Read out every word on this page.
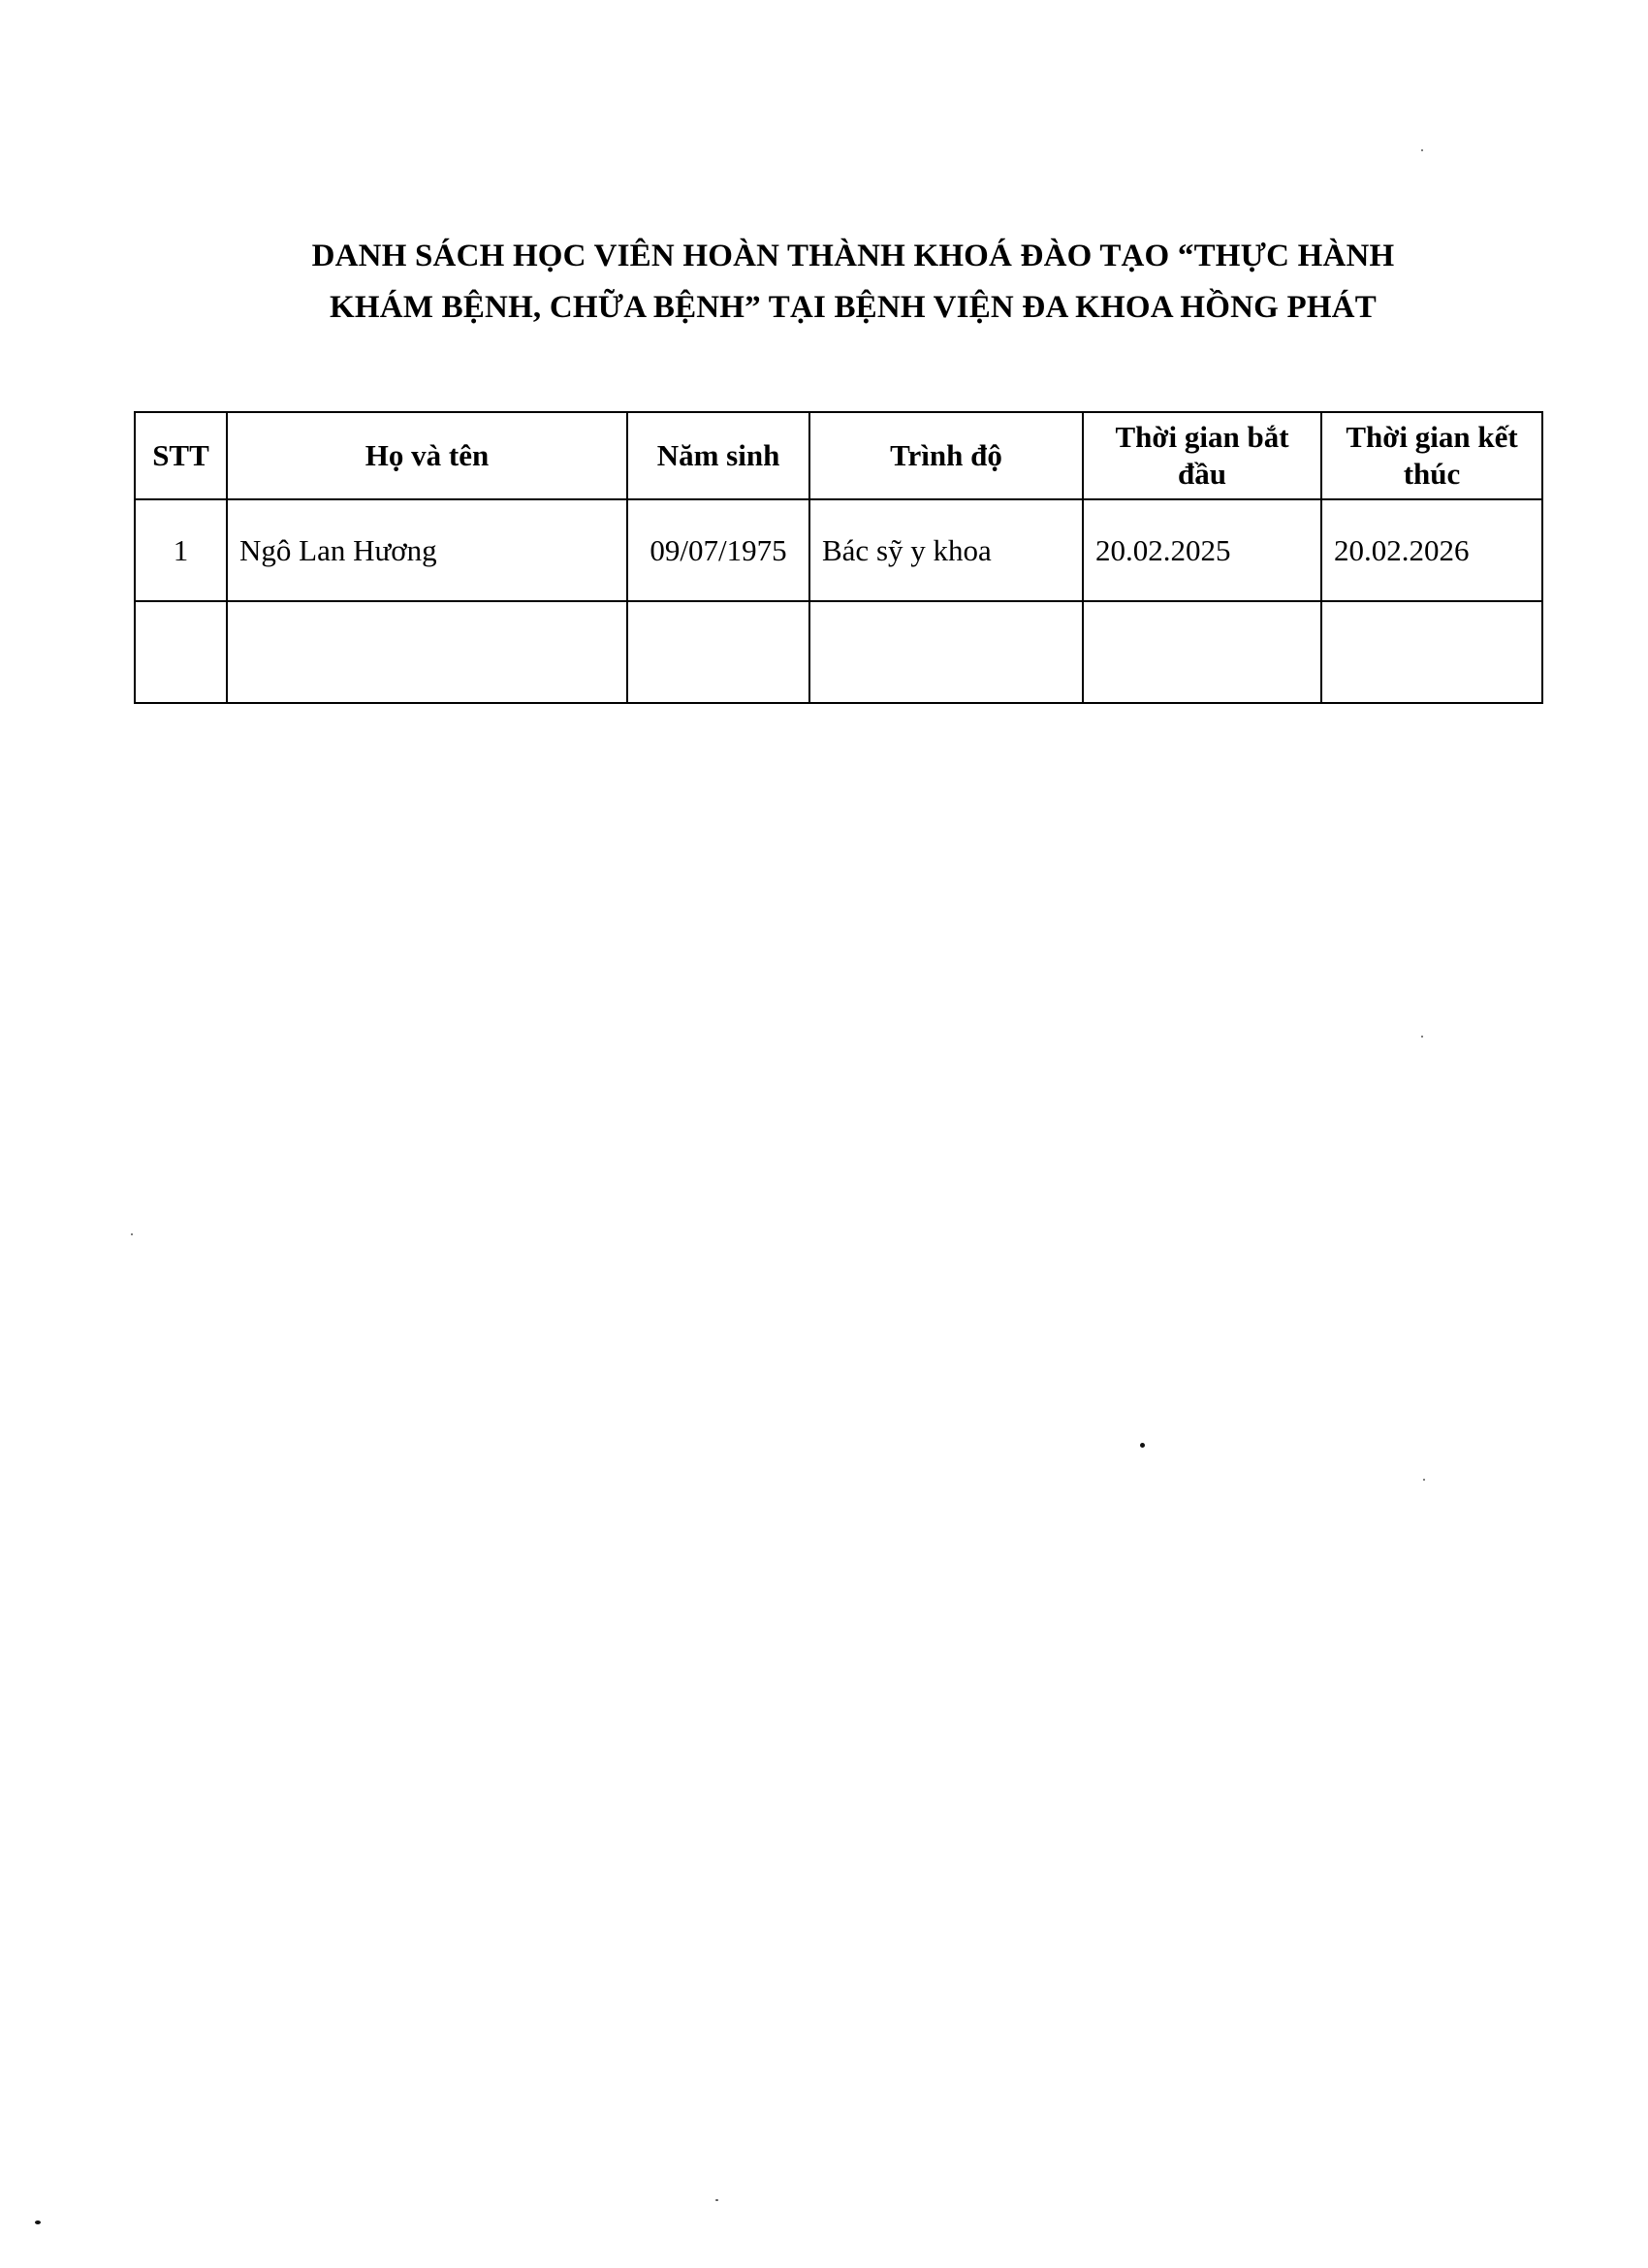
DANH SÁCH HỌC VIÊN HOÀN THÀNH KHOÁ ĐÀO TẠO “THỰC HÀNH
KHÁM BỆNH, CHỮA BỆNH” TẠI BỆNH VIỆN ĐA KHOA HỒNG PHÁT
STT	Họ và tên	Năm sinh	Trình độ	Thời gian bắt đầu	Thời gian kết thúc
1	Ngô Lan Hương	09/07/1975	Bác sỹ y khoa	20.02.2025	20.02.2026
